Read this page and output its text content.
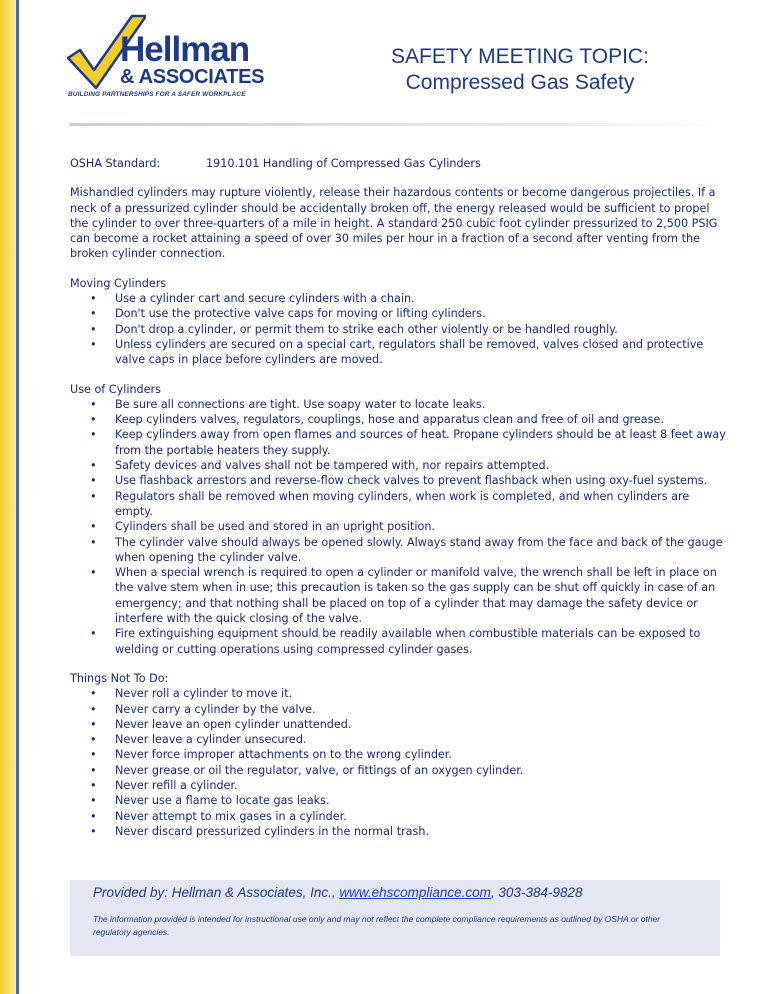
Hellman
& ASSOCIATES
BUILDING PARTNERSHIPS FOR A SAFER WORKPLACE
SAFETY MEETING TOPIC:
Compressed Gas Safety
OSHA Standard:	1910.101 Handling of Compressed Gas Cylinders

Mishandled cylinders may rupture violently, release their hazardous contents or become dangerous projectiles. If a neck of a pressurized cylinder should be accidentally broken off, the energy released would be sufficient to propel the cylinder to over three-quarters of a mile in height. A standard 250 cubic foot cylinder pressurized to 2,500 PSIG can become a rocket attaining a speed of over 30 miles per hour in a fraction of a second after venting from the broken cylinder connection.

Moving Cylinders

• Use a cylinder cart and secure cylinders with a chain.
• Don't use the protective valve caps for moving or lifting cylinders.
• Don't drop a cylinder, or permit them to strike each other violently or be handled roughly.
• Unless cylinders are secured on a special cart, regulators shall be removed, valves closed and protective valve caps in place before cylinders are moved.

Use of Cylinders

• Be sure all connections are tight. Use soapy water to locate leaks.
• Keep cylinders valves, regulators, couplings, hose and apparatus clean and free of oil and grease.
• Keep cylinders away from open flames and sources of heat. Propane cylinders should be at least 8 feet away from the portable heaters they supply.
• Safety devices and valves shall not be tampered with, nor repairs attempted.
• Use flashback arrestors and reverse-flow check valves to prevent flashback when using oxy-fuel systems.
• Regulators shall be removed when moving cylinders, when work is completed, and when cylinders are empty.
• Cylinders shall be used and stored in an upright position.
• The cylinder valve should always be opened slowly. Always stand away from the face and back of the gauge when opening the cylinder valve.
• When a special wrench is required to open a cylinder or manifold valve, the wrench shall be left in place on the valve stem when in use; this precaution is taken so the gas supply can be shut off quickly in case of an emergency; and that nothing shall be placed on top of a cylinder that may damage the safety device or interfere with the quick closing of the valve.
• Fire extinguishing equipment should be readily available when combustible materials can be exposed to welding or cutting operations using compressed cylinder gases.

Things Not To Do:

• Never roll a cylinder to move it.
• Never carry a cylinder by the valve.
• Never leave an open cylinder unattended.
• Never leave a cylinder unsecured.
• Never force improper attachments on to the wrong cylinder.
• Never grease or oil the regulator, valve, or fittings of an oxygen cylinder.
• Never refill a cylinder.
• Never use a flame to locate gas leaks.
• Never attempt to mix gases in a cylinder.
• Never discard pressurized cylinders in the normal trash.
Provided by: Hellman & Associates, Inc., www.ehscompliance.com, 303-384-9828
The information provided is intended for instructional use only and may not reflect the complete compliance requirements as outlined by OSHA or other regulatory agencies.
